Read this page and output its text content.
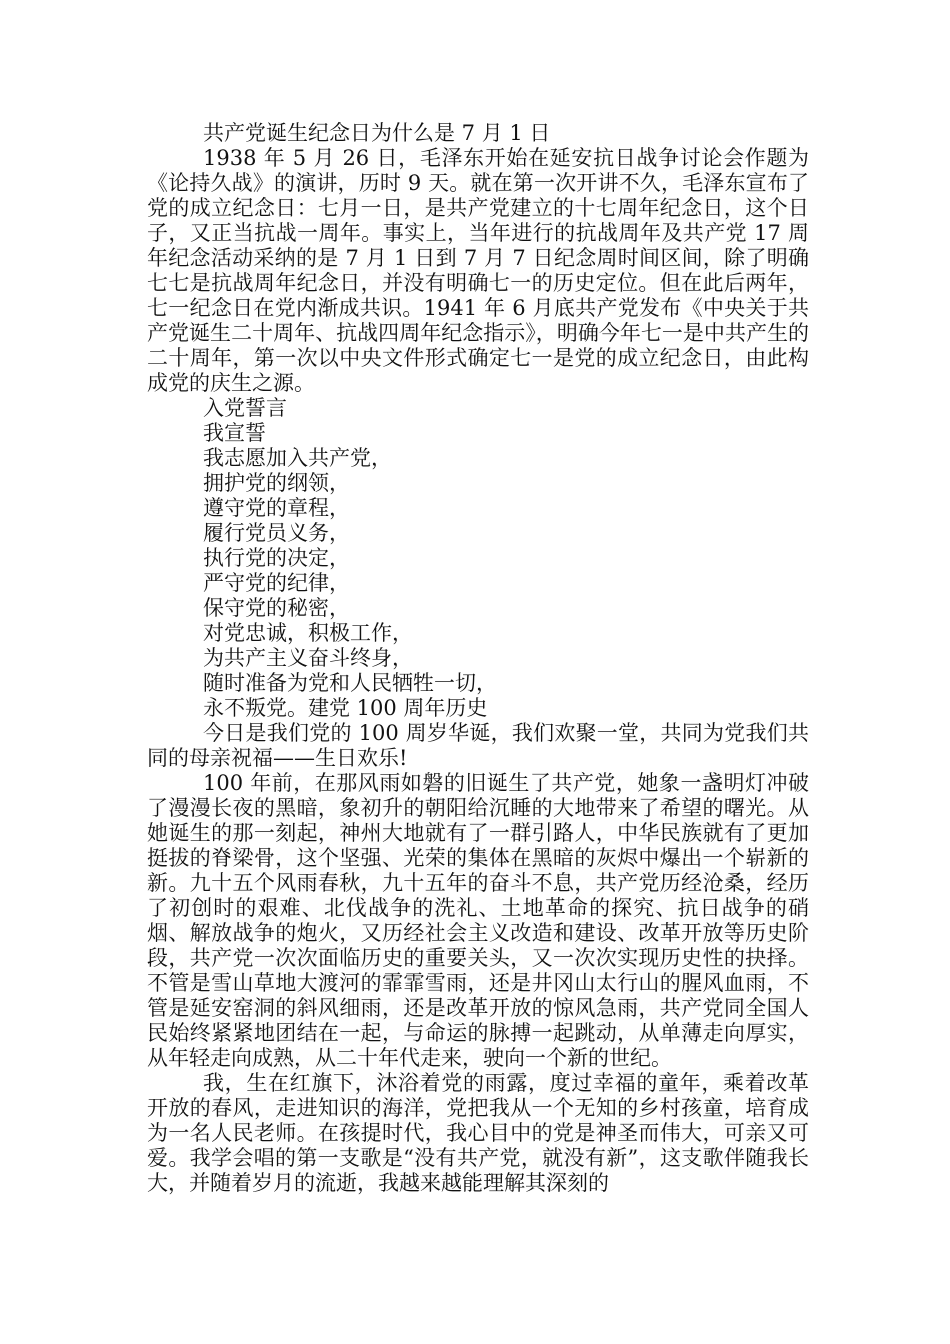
共产党诞生纪念日为什么是 7 月 1 日

1938 年 5 月 26 日，毛泽东开始在延安抗日战争讨论会作题为《论持久战》的演讲，历时 9 天。就在第一次开讲不久，毛泽东宣布了党的成立纪念日：七月一日，是共产党建立的十七周年纪念日，这个日子，又正当抗战一周年。事实上，当年进行的抗战周年及共产党 17 周年纪念活动采纳的是 7 月 1 日到 7 月 7 日纪念周时间区间，除了明确七七是抗战周年纪念日，并没有明确七一的历史定位。但在此后两年，七一纪念日在党内渐成共识。1941 年 6 月底共产党发布《中央关于共产党诞生二十周年、抗战四周年纪念指示》，明确今年七一是中共产生的二十周年，第一次以中央文件形式确定七一是党的成立纪念日，由此构成党的庆生之源。

入党誓言

我宣誓

我志愿加入共产党，

拥护党的纲领，

遵守党的章程，

履行党员义务，

执行党的决定，

严守党的纪律，

保守党的秘密，

对党忠诚，积极工作，

为共产主义奋斗终身，

随时准备为党和人民牺牲一切，

永不叛党。建党 100 周年历史

今日是我们党的 100 周岁华诞，我们欢聚一堂，共同为党我们共同的母亲祝福——生日欢乐!

100 年前，在那风雨如磐的旧诞生了共产党，她象一盏明灯冲破了漫漫长夜的黑暗，象初升的朝阳给沉睡的大地带来了希望的曙光。从她诞生的那一刻起，神州大地就有了一群引路人，中华民族就有了更加挺拔的脊梁骨，这个坚强、光荣的集体在黑暗的灰烬中爆出一个崭新的新。九十五个风雨春秋，九十五年的奋斗不息，共产党历经沧桑，经历了初创时的艰难、北伐战争的洗礼、土地革命的探究、抗日战争的硝烟、解放战争的炮火，又历经社会主义改造和建设、改革开放等历史阶段，共产党一次次面临历史的重要关头，又一次次实现历史性的抉择。不管是雪山草地大渡河的霏霏雪雨，还是井冈山太行山的腥风血雨，不管是延安窑洞的斜风细雨，还是改革开放的惊风急雨，共产党同全国人民始终紧紧地团结在一起，与命运的脉搏一起跳动，从单薄走向厚实，从年轻走向成熟，从二十年代走来，驶向一个新的世纪。

我，生在红旗下，沐浴着党的雨露，度过幸福的童年，乘着改革开放的春风，走进知识的海洋，党把我从一个无知的乡村孩童，培育成为一名人民老师。在孩提时代，我心目中的党是神圣而伟大，可亲又可爱。我学会唱的第一支歌是“没有共产党，就没有新”，这支歌伴随我长大，并随着岁月的流逝，我越来越能理解其深刻的
